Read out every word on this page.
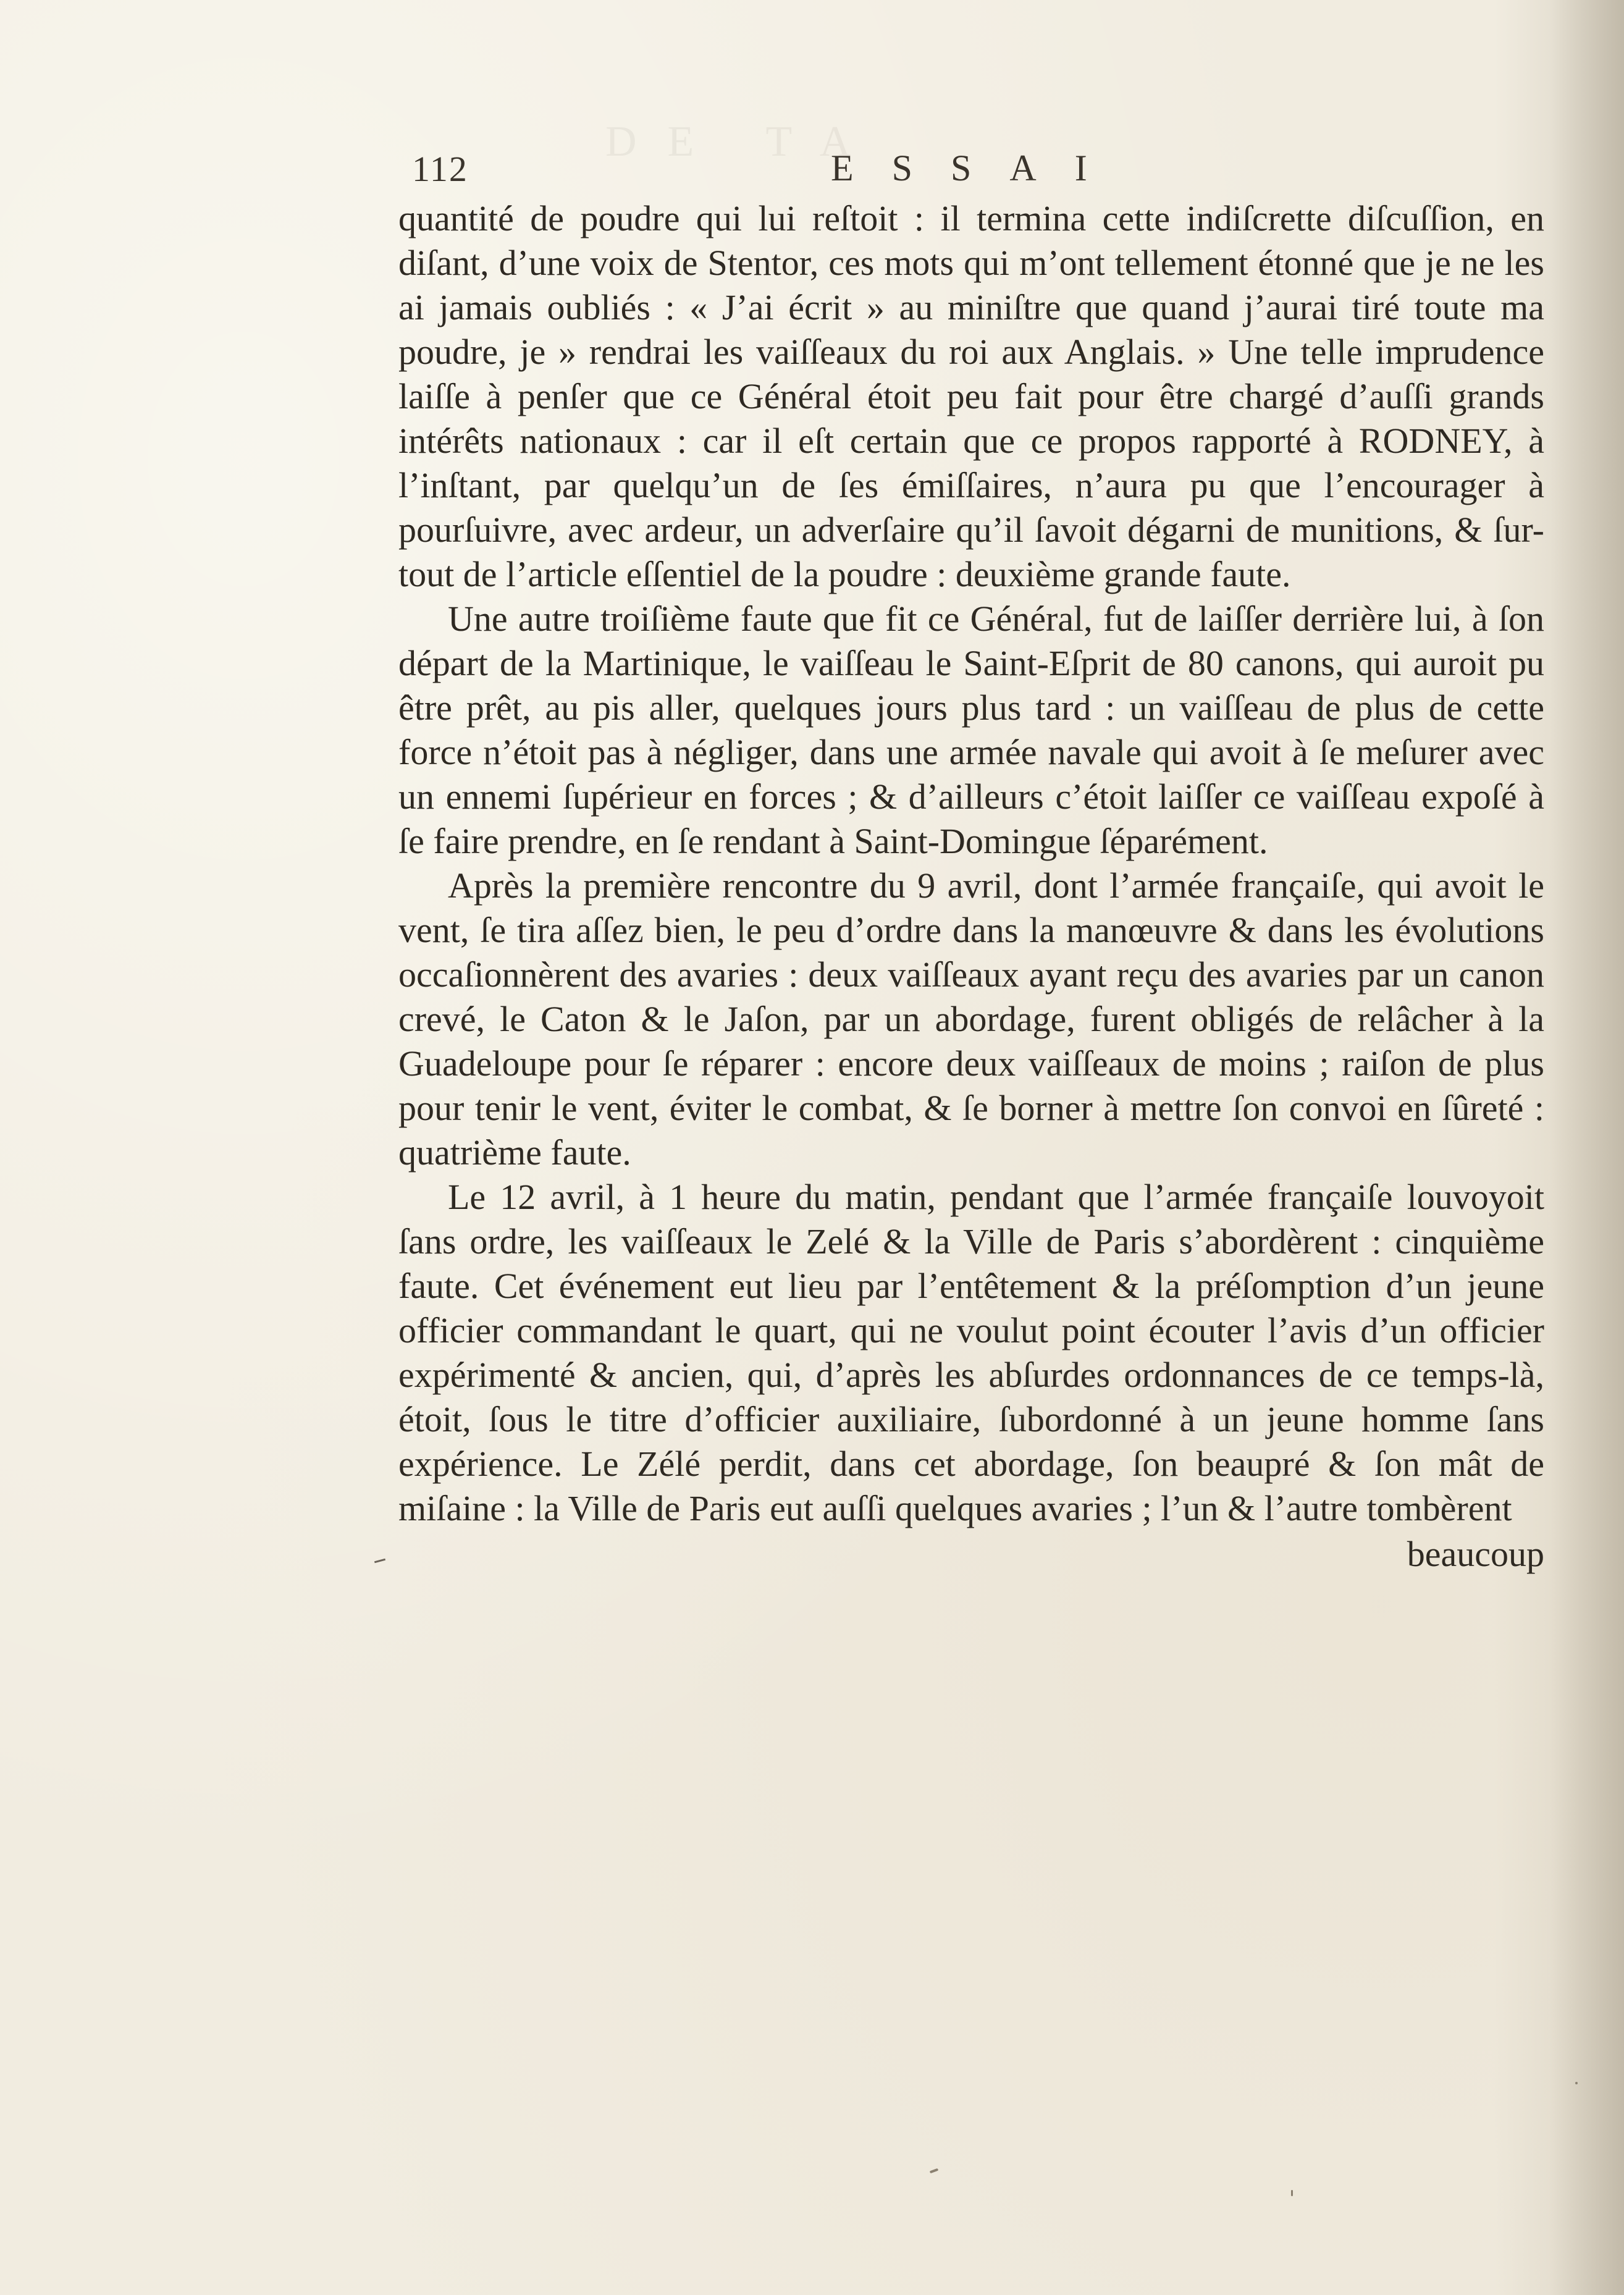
DE TA
112	ESSAI

quantité de poudre qui lui reſtoit : il termina cette indiſcrette diſcuſſion, en diſant, d’une voix de Stentor, ces mots qui m’ont tellement étonné que je ne les ai jamais oubliés : « J’ai écrit » au miniſtre que quand j’aurai tiré toute ma poudre, je » rendrai les vaiſſeaux du roi aux Anglais. » Une telle imprudence laiſſe à penſer que ce Général étoit peu fait pour être chargé d’auſſi grands intérêts nationaux : car il eſt certain que ce propos rapporté à RODNEY, à l’inſtant, par quelqu’un de ſes émiſſaires, n’aura pu que l’encourager à pourſuivre, avec ardeur, un adverſaire qu’il ſavoit dégarni de munitions, & ſur-tout de l’article eſſentiel de la poudre : deuxième grande faute.

Une autre troiſième faute que fit ce Général, fut de laiſſer derrière lui, à ſon départ de la Martinique, le vaiſſeau le Saint-Eſprit de 80 canons, qui auroit pu être prêt, au pis aller, quelques jours plus tard : un vaiſſeau de plus de cette force n’étoit pas à négliger, dans une armée navale qui avoit à ſe meſurer avec un ennemi ſupérieur en forces ; & d’ailleurs c’étoit laiſſer ce vaiſſeau expoſé à ſe faire prendre, en ſe rendant à Saint-Domingue ſéparément.

Après la première rencontre du 9 avril, dont l’armée françaiſe, qui avoit le vent, ſe tira aſſez bien, le peu d’ordre dans la manœuvre & dans les évolutions occaſionnèrent des avaries : deux vaiſſeaux ayant reçu des avaries par un canon crevé, le Caton & le Jaſon, par un abordage, furent obligés de relâcher à la Guadeloupe pour ſe réparer : encore deux vaiſſeaux de moins ; raiſon de plus pour tenir le vent, éviter le combat, & ſe borner à mettre ſon convoi en ſûreté : quatrième faute.

Le 12 avril, à 1 heure du matin, pendant que l’armée françaiſe louvoyoit ſans ordre, les vaiſſeaux le Zelé & la Ville de Paris s’abordèrent : cinquième faute. Cet événement eut lieu par l’entêtement & la préſomption d’un jeune officier commandant le quart, qui ne voulut point écouter l’avis d’un officier expérimenté & ancien, qui, d’après les abſurdes ordonnances de ce temps-là, étoit, ſous le titre d’officier auxiliaire, ſubordonné à un jeune homme ſans expérience. Le Zélé perdit, dans cet abordage, ſon beaupré & ſon mât de miſaine : la Ville de Paris eut auſſi quelques avaries ; l’un & l’autre tombèrent

beaucoup
